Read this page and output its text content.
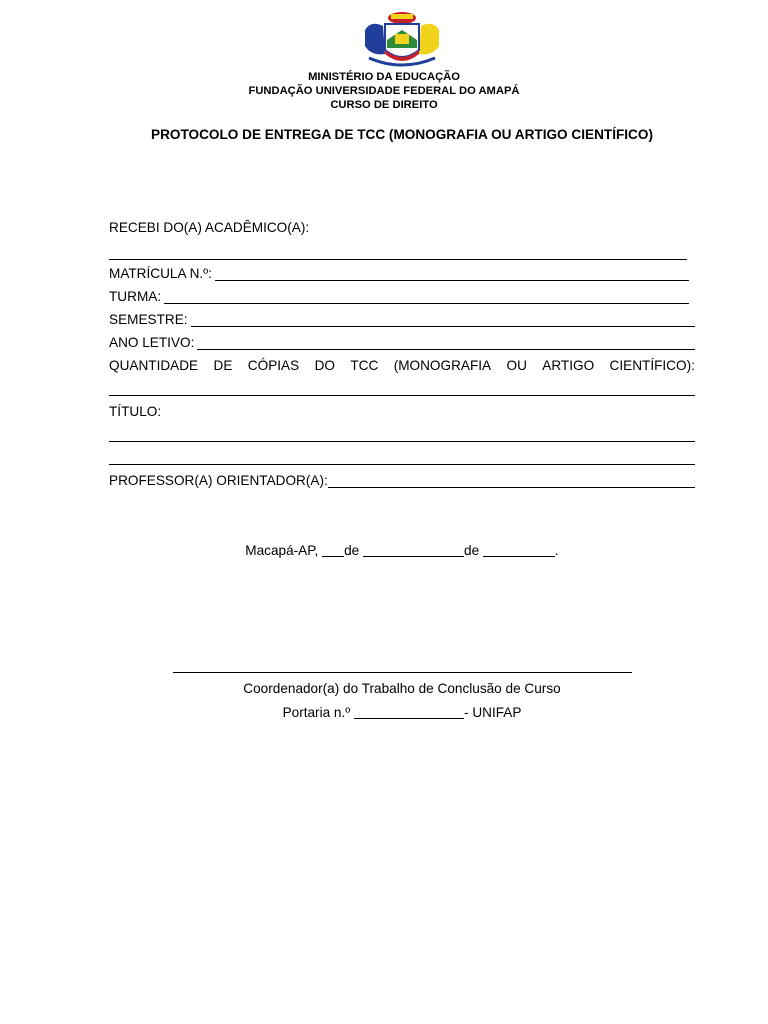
MINISTÉRIO DA EDUCAÇÃO
FUNDAÇÃO UNIVERSIDADE FEDERAL DO AMAPÁ
CURSO DE DIREITO
PROTOCOLO DE ENTREGA DE TCC (MONOGRAFIA OU ARTIGO CIENTÍFICO)
RECEBI DO(A) ACADÊMICO(A):
MATRÍCULA N.º:
TURMA:
SEMESTRE:
ANO LETIVO:
QUANTIDADE DE CÓPIAS DO TCC (MONOGRAFIA OU ARTIGO CIENTÍFICO):
TÍTULO:
PROFESSOR(A) ORIENTADOR(A):
Macapá-AP, de	de	.
Coordenador(a) do Trabalho de Conclusão de Curso
Portaria n.º	- UNIFAP
